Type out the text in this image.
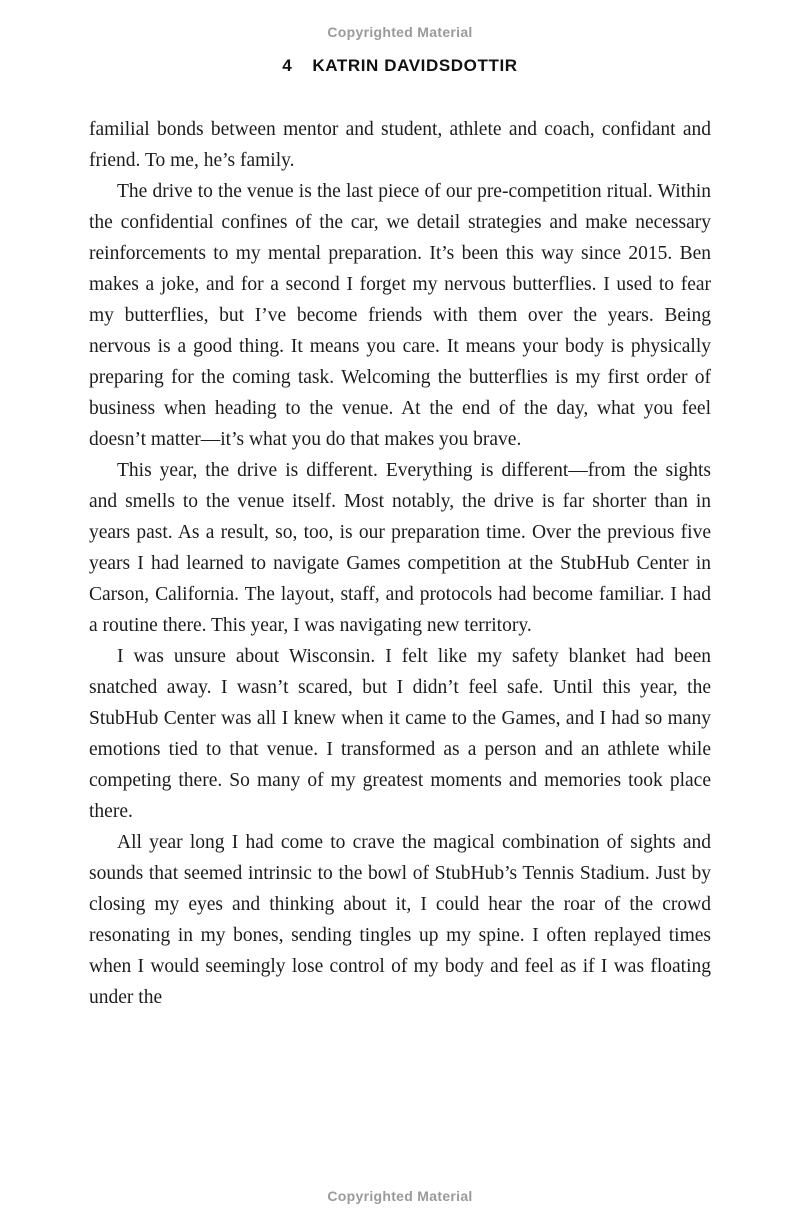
Copyrighted Material
4 KATRIN DAVIDSDOTTIR

familial bonds between mentor and student, athlete and coach, confidant and friend. To me, he’s family.

The drive to the venue is the last piece of our pre-competition ritual. Within the confidential confines of the car, we detail strategies and make necessary reinforcements to my mental preparation. It’s been this way since 2015. Ben makes a joke, and for a second I forget my nervous butterflies. I used to fear my butterflies, but I’ve become friends with them over the years. Being nervous is a good thing. It means you care. It means your body is physically preparing for the coming task. Welcoming the butterflies is my first order of business when heading to the venue. At the end of the day, what you feel doesn’t matter—it’s what you do that makes you brave.

This year, the drive is different. Everything is different—from the sights and smells to the venue itself. Most notably, the drive is far shorter than in years past. As a result, so, too, is our preparation time. Over the previous five years I had learned to navigate Games competition at the StubHub Center in Carson, California. The layout, staff, and protocols had become familiar. I had a routine there. This year, I was navigating new territory.

I was unsure about Wisconsin. I felt like my safety blanket had been snatched away. I wasn’t scared, but I didn’t feel safe. Until this year, the StubHub Center was all I knew when it came to the Games, and I had so many emotions tied to that venue. I transformed as a person and an athlete while competing there. So many of my greatest moments and memories took place there.

All year long I had come to crave the magical combination of sights and sounds that seemed intrinsic to the bowl of StubHub’s Tennis Stadium. Just by closing my eyes and thinking about it, I could hear the roar of the crowd resonating in my bones, sending tingles up my spine. I often replayed times when I would seemingly lose control of my body and feel as if I was floating under the

Copyrighted Material
